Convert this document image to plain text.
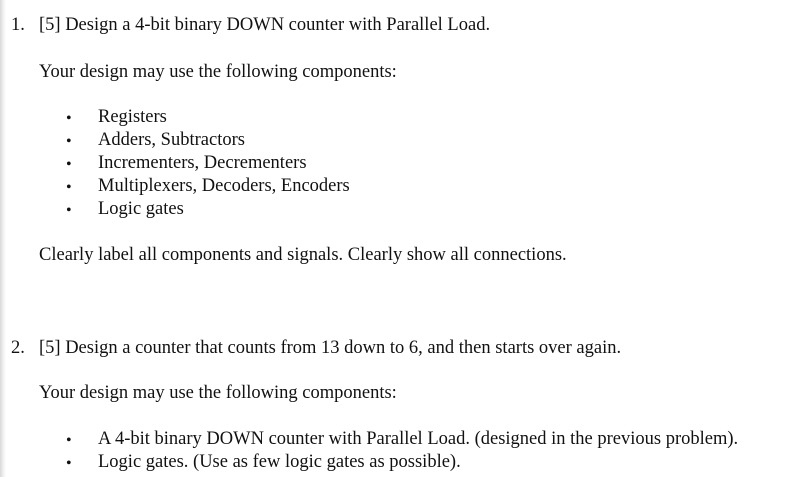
1. [5] Design a 4-bit binary DOWN counter with Parallel Load.
Your design may use the following components:
• Registers
• Adders, Subtractors
• Incrementers, Decrementers
• Multiplexers, Decoders, Encoders
• Logic gates
Clearly label all components and signals. Clearly show all connections.
2. [5] Design a counter that counts from 13 down to 6, and then starts over again.
Your design may use the following components:
• A 4-bit binary DOWN counter with Parallel Load. (designed in the previous problem).
• Logic gates. (Use as few logic gates as possible).
